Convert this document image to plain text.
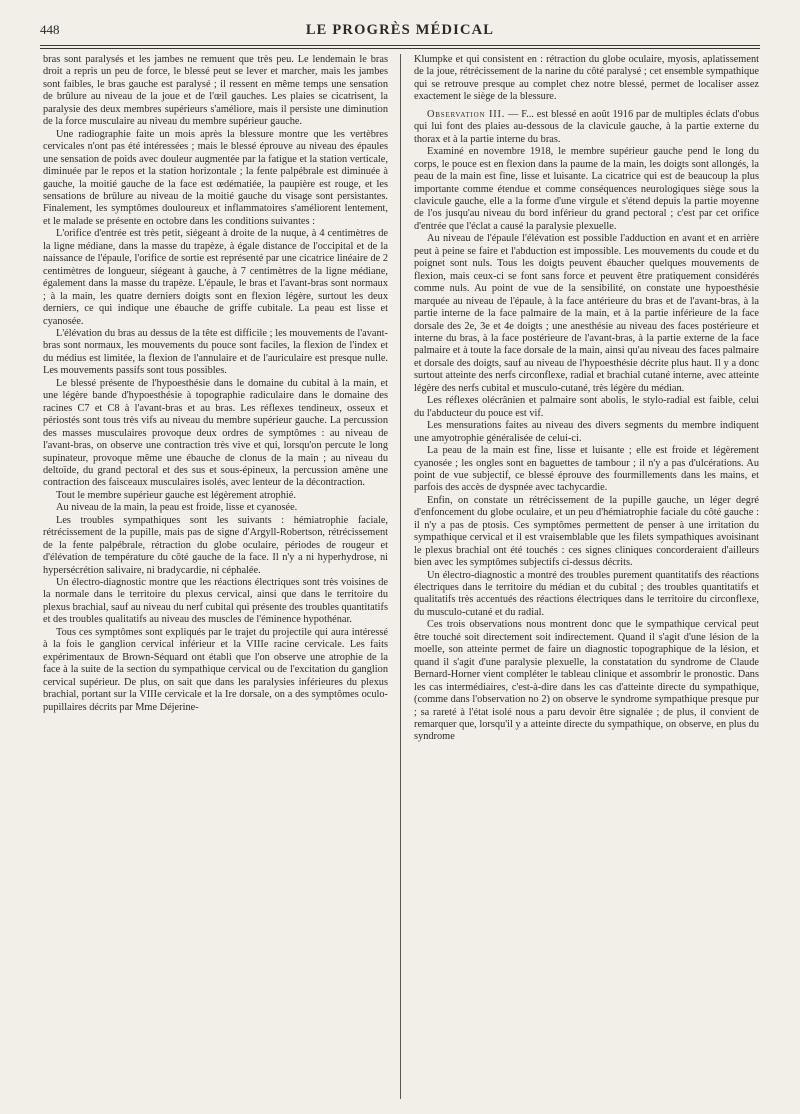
448	LE PROGRÈS MÉDICAL

bras sont paralysés et les jambes ne remuent que très peu. Le lendemain le bras droit a repris un peu de force, le blessé peut se lever et marcher, mais les jambes sont faibles, le bras gauche est paralysé ; il ressent en même temps une sensation de brûlure au niveau de la joue et de l'œil gauches. Les plaies se cicatrisent, la paralysie des deux membres supérieurs s'améliore, mais il persiste une diminution de la force musculaire au niveau du membre supérieur gauche.

Une radiographie faite un mois après la blessure montre que les vertèbres cervicales n'ont pas été intéressées ; mais le blessé éprouve au niveau des épaules une sensation de poids avec douleur augmentée par la fatigue et la station verticale, diminuée par le repos et la station horizontale ; la fente palpébrale est diminuée à gauche, la moitié gauche de la face est œdématiée, la paupière est rouge, et les sensations de brûlure au niveau de la moitié gauche du visage sont persistantes. Finalement, les symptômes douloureux et inflammatoires s'améliorent lentement, et le malade se présente en octobre dans les conditions suivantes :

L'orifice d'entrée est très petit, siégeant à droite de la nuque, à 4 centimètres de la ligne médiane, dans la masse du trapèze, à égale distance de l'occipital et de la naissance de l'épaule, l'orifice de sortie est représenté par une cicatrice linéaire de 2 centimètres de longueur, siégeant à gauche, à 7 centimètres de la ligne médiane, également dans la masse du trapèze. L'épaule, le bras et l'avant-bras sont normaux ; à la main, les quatre derniers doigts sont en flexion légère, surtout les deux derniers, ce qui indique une ébauche de griffe cubitale. La peau est lisse et cyanosée.

L'élévation du bras au dessus de la tête est difficile ; les mouvements de l'avant-bras sont normaux, les mouvements du pouce sont faciles, la flexion de l'index et du médius est limitée, la flexion de l'annulaire et de l'auriculaire est presque nulle. Les mouvements passifs sont tous possibles.

Le blessé présente de l'hypoesthésie dans le domaine du cubital à la main, et une légère bande d'hypoesthésie à topographie radiculaire dans le domaine des racines C7 et C8 à l'avant-bras et au bras. Les réflexes tendineux, osseux et périostés sont tous très vifs au niveau du membre supérieur gauche. La percussion des masses musculaires provoque deux ordres de symptômes : au niveau de l'avant-bras, on observe une contraction très vive et qui, lorsqu'on percute le long supinateur, provoque même une ébauche de clonus de la main ; au niveau du deltoïde, du grand pectoral et des sus et sous-épineux, la percussion amène une contraction des faisceaux musculaires isolés, avec lenteur de la décontraction.

Tout le membre supérieur gauche est légèrement atrophié.

Au niveau de la main, la peau est froide, lisse et cyanosée.

Les troubles sympathiques sont les suivants : hémiatrophie faciale, rétrécissement de la pupille, mais pas de signe d'Argyll-Robertson, rétrécissement de la fente palpébrale, rétraction du globe oculaire, périodes de rougeur et d'élévation de température du côté gauche de la face. Il n'y a ni hyperhydrose, ni hypersécrétion salivaire, ni bradycardie, ni céphalée.

Un électro-diagnostic montre que les réactions électriques sont très voisines de la normale dans le territoire du plexus cervical, ainsi que dans le territoire du plexus brachial, sauf au niveau du nerf cubital qui présente des troubles quantitatifs et des troubles qualitatifs au niveau des muscles de l'éminence hypothénar.

Tous ces symptômes sont expliqués par le trajet du projectile qui aura intéressé à la fois le ganglion cervical inférieur et la VIIIe racine cervicale. Les faits expérimentaux de Brown-Séquard ont établi que l'on observe une atrophie de la face à la suite de la section du sympathique cervical ou de l'excitation du ganglion cervical supérieur. De plus, on sait que dans les paralysies inférieures du plexus brachial, portant sur la VIIIe cervicale et la Ire dorsale, on a des symptômes oculo-pupillaires décrits par Mme Déjerine-

Klumpke et qui consistent en : rétraction du globe oculaire, myosis, aplatissement de la joue, rétrécissement de la narine du côté paralysé ; cet ensemble sympathique qui se retrouve presque au complet chez notre blessé, permet de localiser assez exactement le siège de la blessure.

Observation III. — F... est blessé en août 1916 par de multiples éclats d'obus qui lui font des plaies au-dessous de la clavicule gauche, à la partie externe du thorax et à la partie interne du bras.

Examiné en novembre 1918, le membre supérieur gauche pend le long du corps, le pouce est en flexion dans la paume de la main, les doigts sont allongés, la peau de la main est fine, lisse et luisante. La cicatrice qui est de beaucoup la plus importante comme étendue et comme conséquences neurologiques siège sous la clavicule gauche, elle a la forme d'une virgule et s'étend depuis la partie moyenne de l'os jusqu'au niveau du bord inférieur du grand pectoral ; c'est par cet orifice d'entrée que l'éclat a causé la paralysie plexuelle.

Au niveau de l'épaule l'élévation est possible l'adduction en avant et en arrière peut à peine se faire et l'abduction est impossible. Les mouvements du coude et du poignet sont nuls. Tous les doigts peuvent ébaucher quelques mouvements de flexion, mais ceux-ci se font sans force et peuvent être pratiquement considérés comme nuls. Au point de vue de la sensibilité, on constate une hypoesthésie marquée au niveau de l'épaule, à la face antérieure du bras et de l'avant-bras, à la partie interne de la face palmaire de la main, et à la partie inférieure de la face dorsale des 2e, 3e et 4e doigts ; une anesthésie au niveau des faces postérieure et interne du bras, à la face postérieure de l'avant-bras, à la partie externe de la face palmaire et à toute la face dorsale de la main, ainsi qu'au niveau des faces palmaire et dorsale des doigts, sauf au niveau de l'hypoesthésie décrite plus haut. Il y a donc surtout atteinte des nerfs circonflexe, radial et brachial cutané interne, avec atteinte légère des nerfs cubital et musculo-cutané, très légère du médian.

Les réflexes olécrânien et palmaire sont abolis, le stylo-radial est faible, celui du l'abducteur du pouce est vif.

Les mensurations faites au niveau des divers segments du membre indiquent une amyotrophie généralisée de celui-ci.

La peau de la main est fine, lisse et luisante ; elle est froide et légèrement cyanosée ; les ongles sont en baguettes de tambour ; il n'y a pas d'ulcérations. Au point de vue subjectif, ce blessé éprouve des fourmillements dans les mains, et parfois des accès de dyspnée avec tachycardie.

Enfin, on constate un rétrécissement de la pupille gauche, un léger degré d'enfoncement du globe oculaire, et un peu d'hémiatrophie faciale du côté gauche : il n'y a pas de ptosis. Ces symptômes permettent de penser à une irritation du sympathique cervical et il est vraisemblable que les filets sympathiques avoisinant le plexus brachial ont été touchés : ces signes cliniques concorderaient d'ailleurs bien avec les symptômes subjectifs ci-dessus décrits.

Un électro-diagnostic a montré des troubles purement quantitatifs des réactions électriques dans le territoire du médian et du cubital ; des troubles quantitatifs et qualitatifs très accentués des réactions électriques dans le territoire du circonflexe, du musculo-cutané et du radial.

Ces trois observations nous montrent donc que le sympathique cervical peut être touché soit directement soit indirectement. Quand il s'agit d'une lésion de la moelle, son atteinte permet de faire un diagnostic topographique de la lésion, et quand il s'agit d'une paralysie plexuelle, la constatation du syndrome de Claude Bernard-Horner vient compléter le tableau clinique et assombrir le pronostic. Dans les cas intermédiaires, c'est-à-dire dans les cas d'atteinte directe du sympathique, (comme dans l'observation no 2) on observe le syndrome sympathique presque pur ; sa rareté à l'état isolé nous a paru devoir être signalée ; de plus, il convient de remarquer que, lorsqu'il y a atteinte directe du sympathique, on observe, en plus du syndrome
